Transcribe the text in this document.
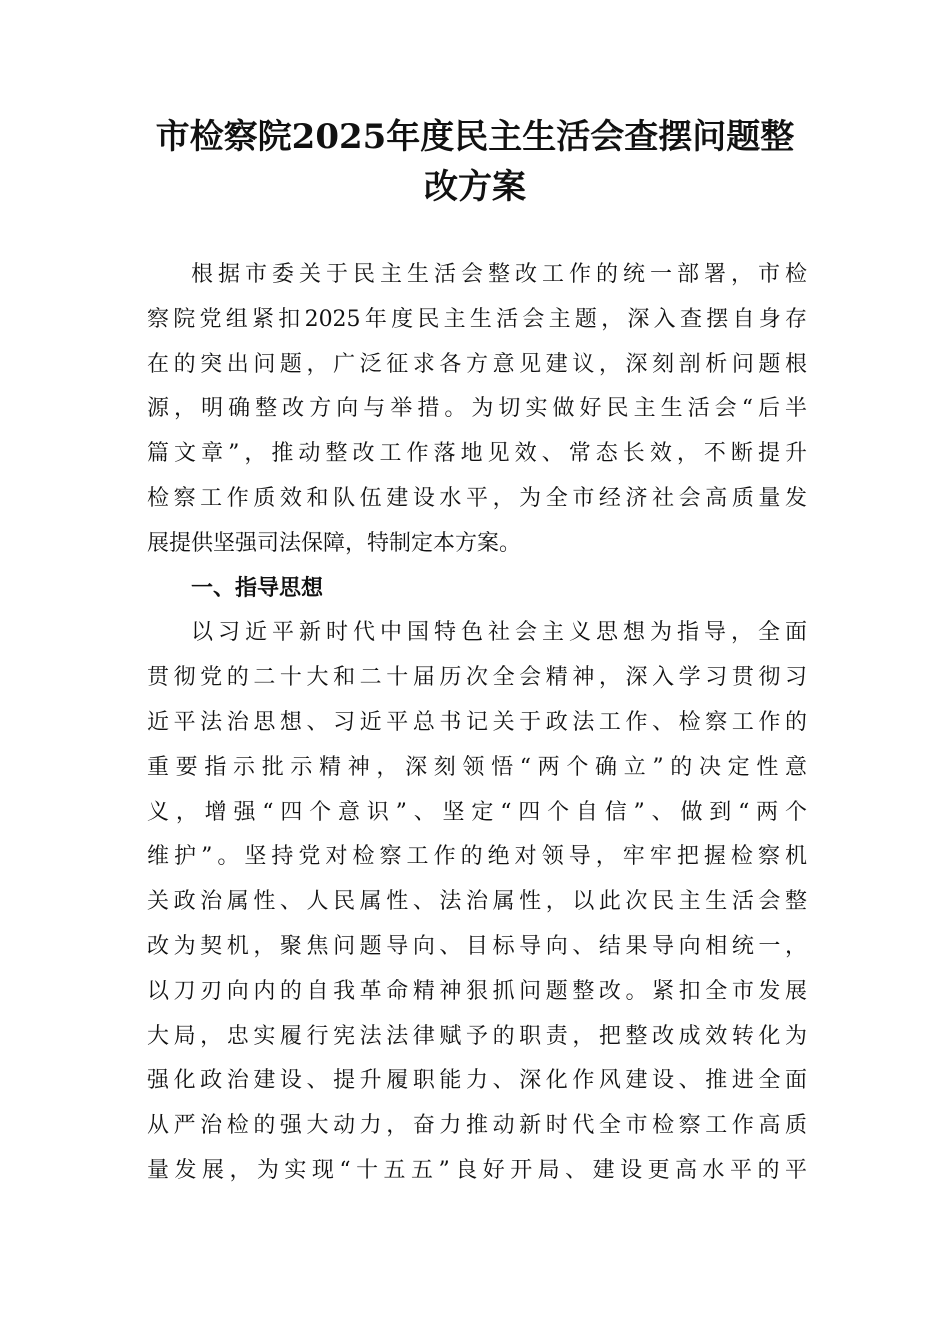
市检察院2025年度民主生活会查摆问题整
改方案
根据市委关于民主生活会整改工作的统一部署，市检
察院党组紧扣2025年度民主生活会主题，深入查摆自身存
在的突出问题，广泛征求各方意见建议，深刻剖析问题根
源，明确整改方向与举措。为切实做好民主生活会“后半
篇文章”，推动整改工作落地见效、常态长效，不断提升
检察工作质效和队伍建设水平，为全市经济社会高质量发
展提供坚强司法保障，特制定本方案。
一、指导思想
以习近平新时代中国特色社会主义思想为指导，全面
贯彻党的二十大和二十届历次全会精神，深入学习贯彻习
近平法治思想、习近平总书记关于政法工作、检察工作的
重要指示批示精神，深刻领悟“两个确立”的决定性意
义，增强“四个意识”、坚定“四个自信”、做到“两个
维护”。坚持党对检察工作的绝对领导，牢牢把握检察机
关政治属性、人民属性、法治属性，以此次民主生活会整
改为契机，聚焦问题导向、目标导向、结果导向相统一，
以刀刃向内的自我革命精神狠抓问题整改。紧扣全市发展
大局，忠实履行宪法法律赋予的职责，把整改成效转化为
强化政治建设、提升履职能力、深化作风建设、推进全面
从严治检的强大动力，奋力推动新时代全市检察工作高质
量发展，为实现“十五五”良好开局、建设更高水平的平
